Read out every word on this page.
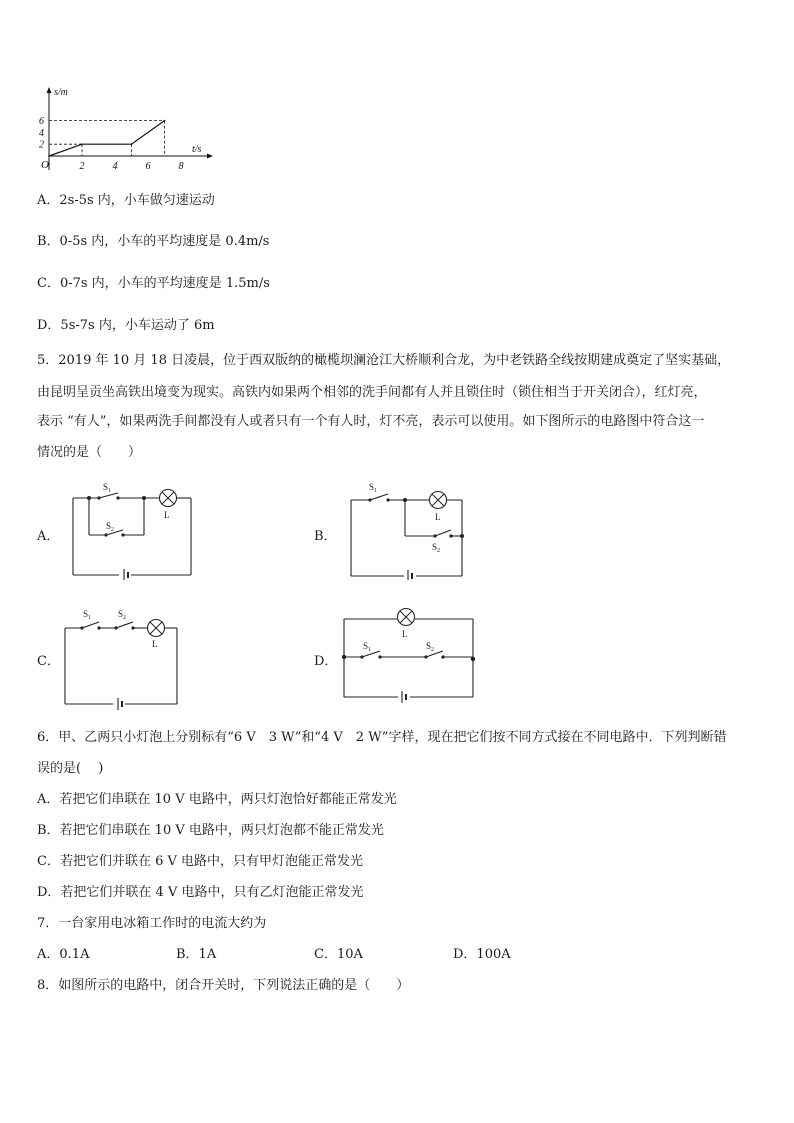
2
4
6
2	4	6	8
s/m
t/s
O
A．2s-5s 内，小车做匀速运动
B．0-5s 内，小车的平均速度是 0.4m/s
C．0-7s 内，小车的平均速度是 1.5m/s
D．5s-7s 内，小车运动了 6m
5．2019 年 10 月 18 日凌晨，位于西双版纳的橄榄坝澜沧江大桥顺利合龙，为中老铁路全线按期建成奠定了坚实基础，
由昆明呈贡坐高铁出境变为现实。高铁内如果两个相邻的洗手间都有人并且锁住时（锁住相当于开关闭合），红灯亮，
表示 “有人”，如果两洗手间都没有人或者只有一个有人时，灯不亮，表示可以使用。如下图所示的电路图中符合这一
情况的是（　　）
A．	B．
C．	D．
L
$S_1$
$S_2$
L
$S_1$
$S_2$
L
$S_1$	$S_2$
L
$S_1$	$S_2$
6．甲、乙两只小灯泡上分别标有“6 V　3 W”和“4 V　2 W”字样，现在把它们按不同方式接在不同电路中．下列判断错
误的是(　 )
A．若把它们串联在 10 V 电路中，两只灯泡恰好都能正常发光
B．若把它们串联在 10 V 电路中，两只灯泡都不能正常发光
C．若把它们并联在 6 V 电路中，只有甲灯泡能正常发光
D．若把它们并联在 4 V 电路中，只有乙灯泡能正常发光
7．一台家用电冰箱工作时的电流大约为
A．0.1A	B．1A	C．10A	D．100A
8．如图所示的电路中，闭合开关时，下列说法正确的是（　　）
